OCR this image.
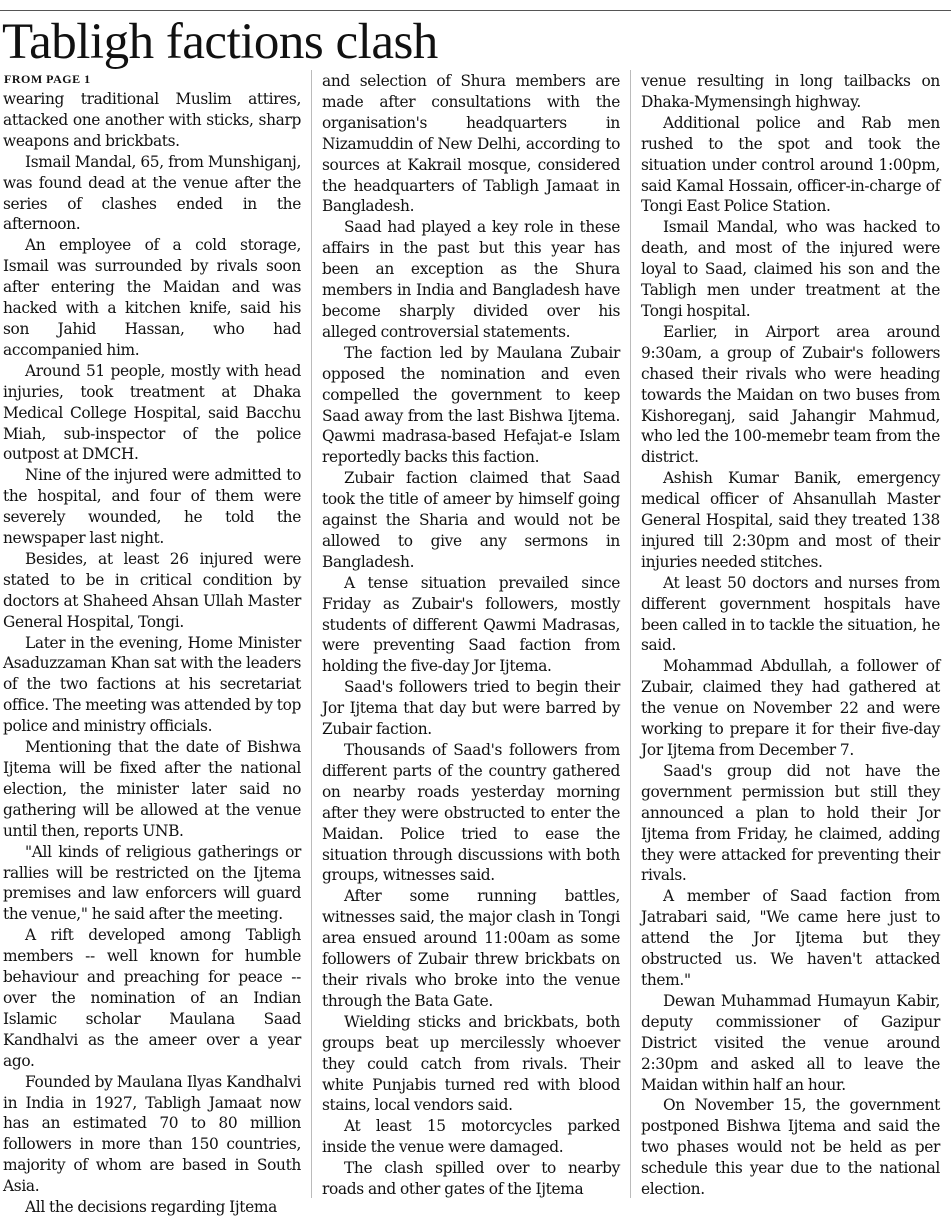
Tabligh factions clash
FROM PAGE 1

wearing traditional Muslim attires, attacked one another with sticks, sharp weapons and brickbats.

Ismail Mandal, 65, from Munshiganj, was found dead at the venue after the series of clashes ended in the afternoon.

An employee of a cold storage, Ismail was surrounded by rivals soon after entering the Maidan and was hacked with a kitchen knife, said his son Jahid Hassan, who had accompanied him.

Around 51 people, mostly with head injuries, took treatment at Dhaka Medical College Hospital, said Bacchu Miah, sub-inspector of the police outpost at DMCH.

Nine of the injured were admitted to the hospital, and four of them were severely wounded, he told the newspaper last night.

Besides, at least 26 injured were stated to be in critical condition by doctors at Shaheed Ahsan Ullah Master General Hospital, Tongi.

Later in the evening, Home Minister Asaduzzaman Khan sat with the leaders of the two factions at his secretariat office. The meeting was attended by top police and ministry officials.

Mentioning that the date of Bishwa Ijtema will be fixed after the national election, the minister later said no gathering will be allowed at the venue until then, reports UNB.

"All kinds of religious gatherings or rallies will be restricted on the Ijtema premises and law enforcers will guard the venue," he said after the meeting.

A rift developed among Tabligh members -- well known for humble behaviour and preaching for peace -- over the nomination of an Indian Islamic scholar Maulana Saad Kandhalvi as the ameer over a year ago.

Founded by Maulana Ilyas Kandhalvi in India in 1927, Tabligh Jamaat now has an estimated 70 to 80 million followers in more than 150 countries, majority of whom are based in South Asia.

All the decisions regarding Ijtema

and selection of Shura members are made after consultations with the organisation's headquarters in Nizamuddin of New Delhi, according to sources at Kakrail mosque, considered the headquarters of Tabligh Jamaat in Bangladesh.

Saad had played a key role in these affairs in the past but this year has been an exception as the Shura members in India and Bangladesh have become sharply divided over his alleged controversial statements.

The faction led by Maulana Zubair opposed the nomination and even compelled the government to keep Saad away from the last Bishwa Ijtema. Qawmi madrasa-based Hefajat-e Islam reportedly backs this faction.

Zubair faction claimed that Saad took the title of ameer by himself going against the Sharia and would not be allowed to give any sermons in Bangladesh.

A tense situation prevailed since Friday as Zubair's followers, mostly students of different Qawmi Madrasas, were preventing Saad faction from holding the five-day Jor Ijtema.

Saad's followers tried to begin their Jor Ijtema that day but were barred by Zubair faction.

Thousands of Saad's followers from different parts of the country gathered on nearby roads yesterday morning after they were obstructed to enter the Maidan. Police tried to ease the situation through discussions with both groups, witnesses said.

After some running battles, witnesses said, the major clash in Tongi area ensued around 11:00am as some followers of Zubair threw brickbats on their rivals who broke into the venue through the Bata Gate.

Wielding sticks and brickbats, both groups beat up mercilessly whoever they could catch from rivals. Their white Punjabis turned red with blood stains, local vendors said.

At least 15 motorcycles parked inside the venue were damaged.

The clash spilled over to nearby roads and other gates of the Ijtema

venue resulting in long tailbacks on Dhaka-Mymensingh highway.

Additional police and Rab men rushed to the spot and took the situation under control around 1:00pm, said Kamal Hossain, officer-in-charge of Tongi East Police Station.

Ismail Mandal, who was hacked to death, and most of the injured were loyal to Saad, claimed his son and the Tabligh men under treatment at the Tongi hospital.

Earlier, in Airport area around 9:30am, a group of Zubair's followers chased their rivals who were heading towards the Maidan on two buses from Kishoreganj, said Jahangir Mahmud, who led the 100-memebr team from the district.

Ashish Kumar Banik, emergency medical officer of Ahsanullah Master General Hospital, said they treated 138 injured till 2:30pm and most of their injuries needed stitches.

At least 50 doctors and nurses from different government hospitals have been called in to tackle the situation, he said.

Mohammad Abdullah, a follower of Zubair, claimed they had gathered at the venue on November 22 and were working to prepare it for their five-day Jor Ijtema from December 7.

Saad's group did not have the government permission but still they announced a plan to hold their Jor Ijtema from Friday, he claimed, adding they were attacked for preventing their rivals.

A member of Saad faction from Jatrabari said, "We came here just to attend the Jor Ijtema but they obstructed us. We haven't attacked them."

Dewan Muhammad Humayun Kabir, deputy commissioner of Gazipur District visited the venue around 2:30pm and asked all to leave the Maidan within half an hour.

On November 15, the government postponed Bishwa Ijtema and said the two phases would not be held as per schedule this year due to the national election.
